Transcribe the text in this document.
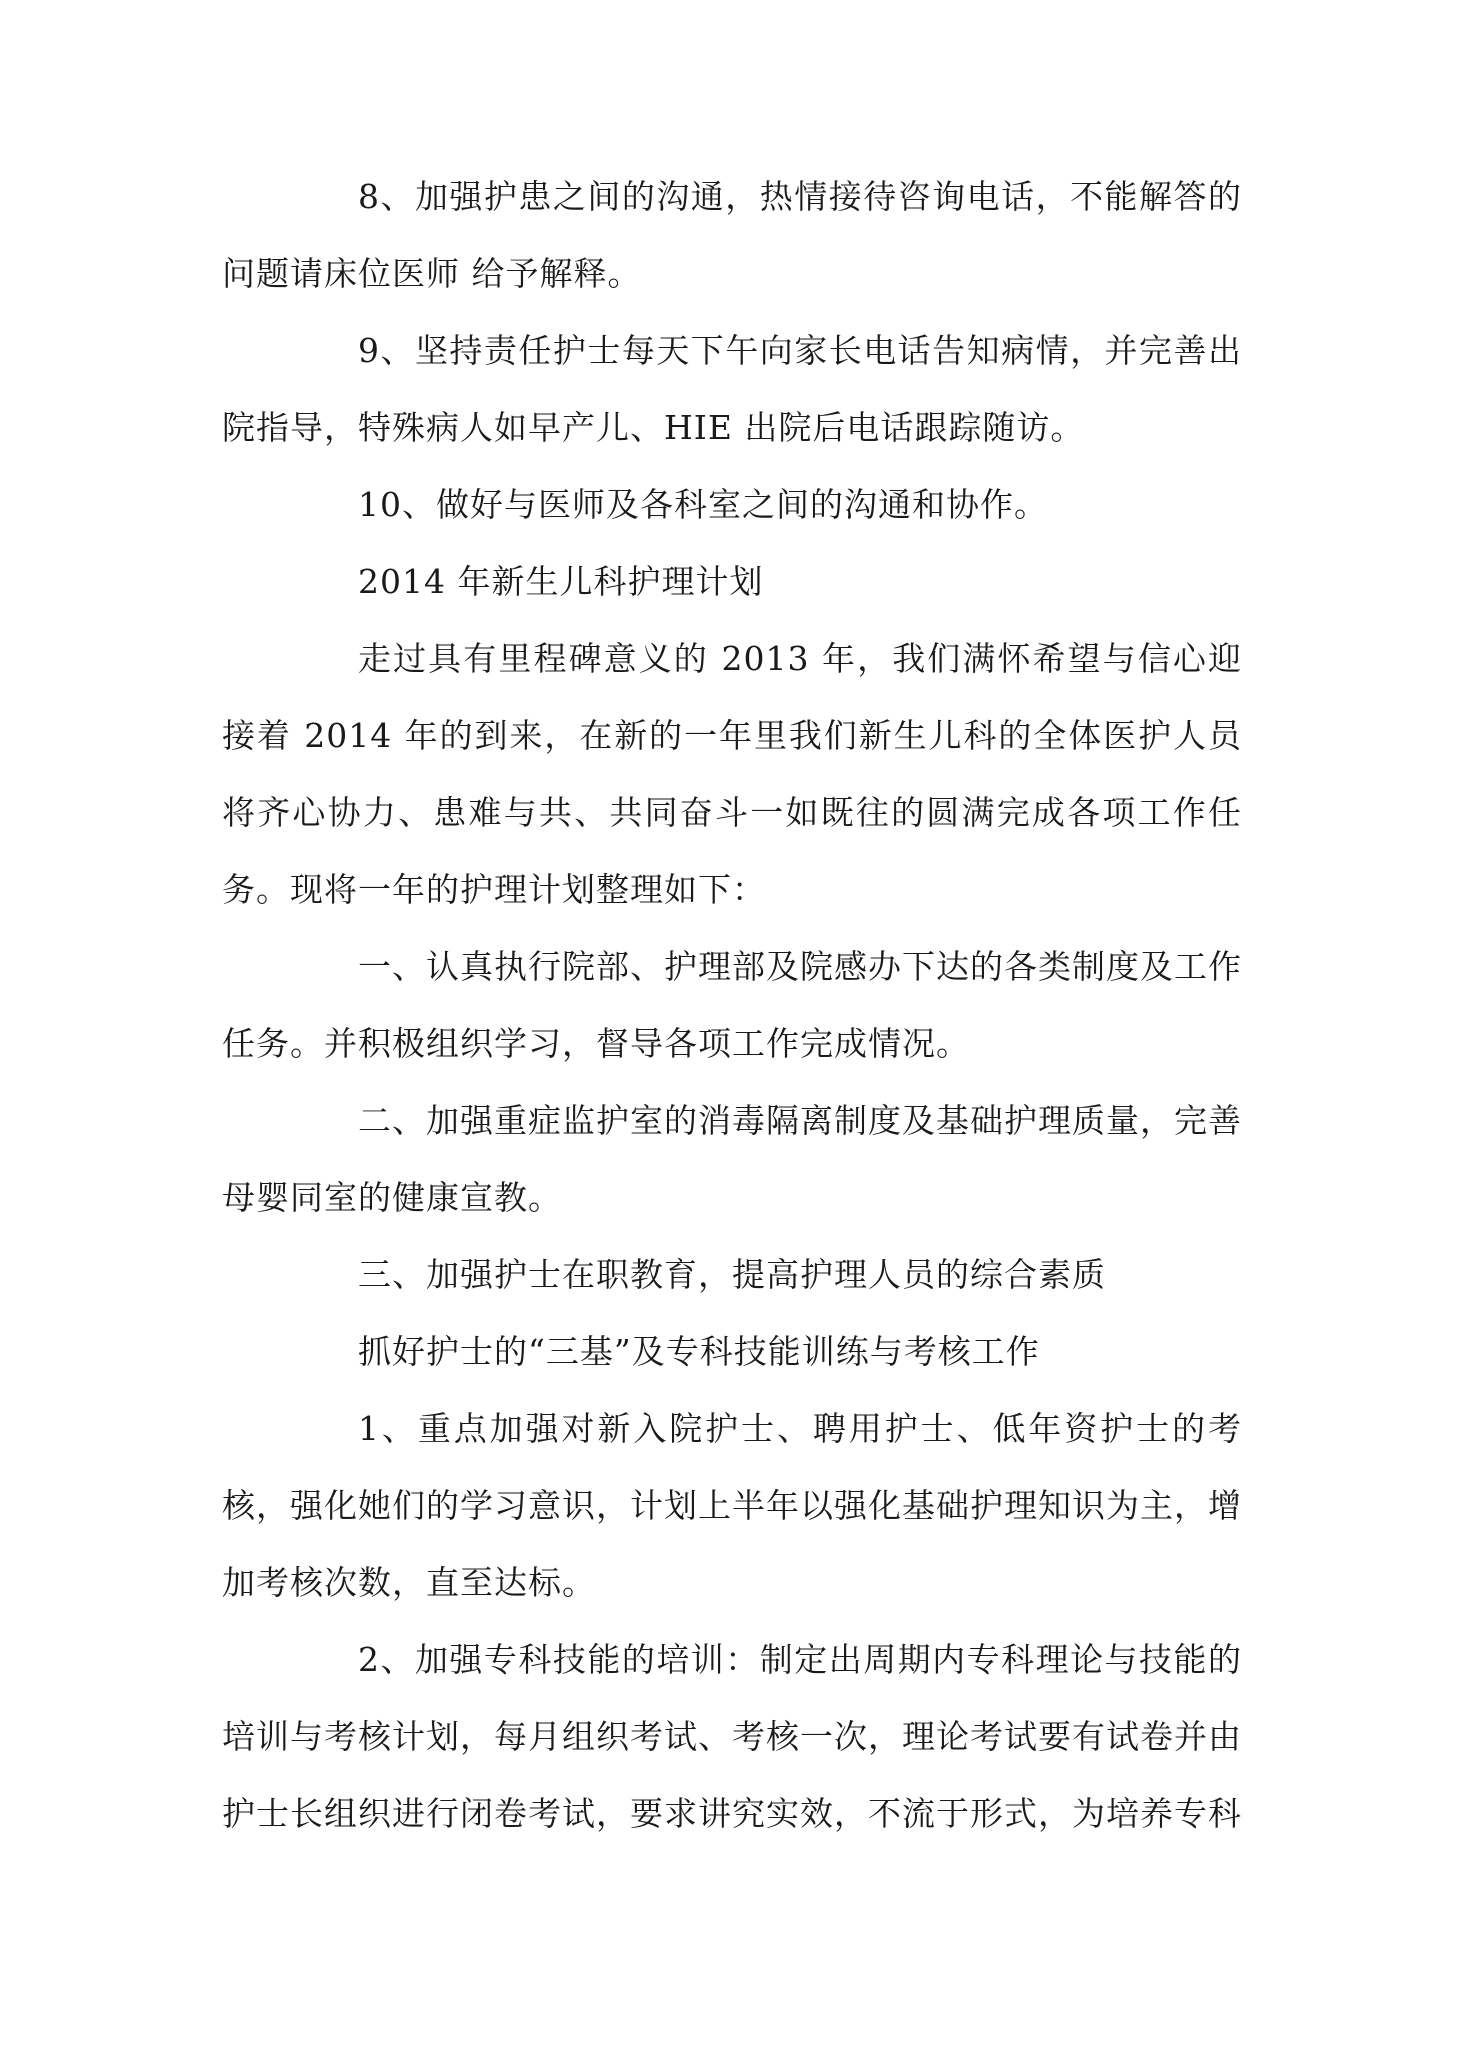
8、加强护患之间的沟通，热情接待咨询电话，不能解答的问题请床位医师 给予解释。

9、坚持责任护士每天下午向家长电话告知病情，并完善出院指导，特殊病人如早产儿、HIE 出院后电话跟踪随访。

10、做好与医师及各科室之间的沟通和协作。

2014 年新生儿科护理计划

走过具有里程碑意义的 2013 年，我们满怀希望与信心迎接着 2014 年的到来，在新的一年里我们新生儿科的全体医护人员将齐心协力、患难与共、共同奋斗一如既往的圆满完成各项工作任务。现将一年的护理计划整理如下：

一、认真执行院部、护理部及院感办下达的各类制度及工作任务。并积极组织学习，督导各项工作完成情况。

二、加强重症监护室的消毒隔离制度及基础护理质量，完善母婴同室的健康宣教。

三、加强护士在职教育，提高护理人员的综合素质

抓好护士的“三基”及专科技能训练与考核工作

1、重点加强对新入院护士、聘用护士、低年资护士的考核，强化她们的学习意识，计划上半年以强化基础护理知识为主，增加考核次数，直至达标。

2、加强专科技能的培训：制定出周期内专科理论与技能的培训与考核计划，每月组织考试、考核一次，理论考试要有试卷并由护士长组织进行闭卷考试，要求讲究实效，不流于形式，为培养专科
